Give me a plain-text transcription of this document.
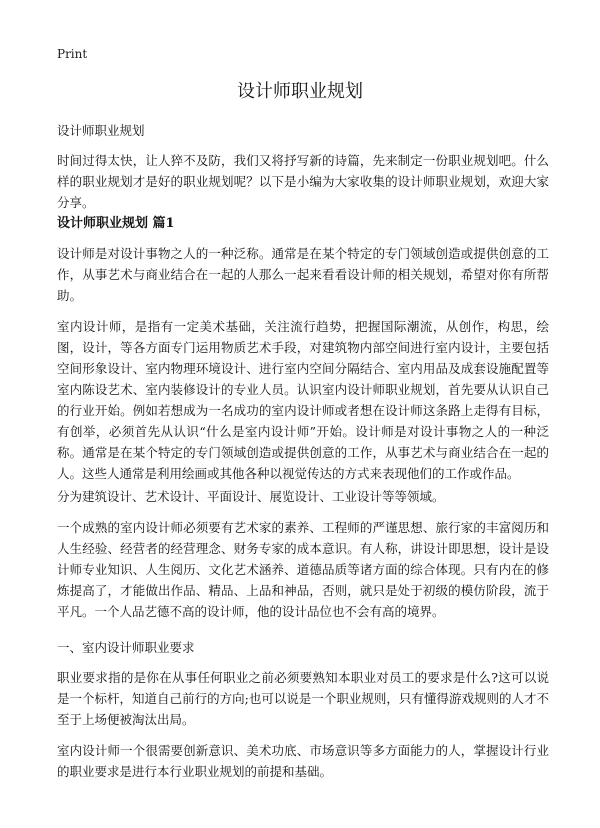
Print
设计师职业规划

设计师职业规划

时间过得太快，让人猝不及防，我们又将抒写新的诗篇，先来制定一份职业规划吧。什么样的职业规划才是好的职业规划呢？以下是小编为大家收集的设计师职业规划，欢迎大家分享。

设计师职业规划 篇1

设计师是对设计事物之人的一种泛称。通常是在某个特定的专门领域创造或提供创意的工作，从事艺术与商业结合在一起的人那么一起来看看设计师的相关规划，希望对你有所帮助。

室内设计师，是指有一定美术基础，关注流行趋势，把握国际潮流，从创作，构思，绘图，设计，等各方面专门运用物质艺术手段，对建筑物内部空间进行室内设计，主要包括空间形象设计、室内物理环境设计、进行室内空间分隔结合、室内用品及成套设施配置等室内陈设艺术、室内装修设计的专业人员。认识室内设计师职业规划，首先要从认识自己的行业开始。例如若想成为一名成功的室内设计师或者想在设计师这条路上走得有目标，有创举，必须首先从认识“什么是室内设计师”开始。设计师是对设计事物之人的一种泛称。通常是在某个特定的专门领域创造或提供创意的工作，从事艺术与商业结合在一起的人。这些人通常是利用绘画或其他各种以视觉传达的方式来表现他们的工作或作品。

分为建筑设计、艺术设计、平面设计、展览设计、工业设计等等领域。

一个成熟的室内设计师必须要有艺术家的素养、工程师的严谨思想、旅行家的丰富阅历和人生经验、经营者的经营理念、财务专家的成本意识。有人称，讲设计即思想，设计是设计师专业知识、人生阅历、文化艺术涵养、道德品质等诸方面的综合体现。只有内在的修炼提高了，才能做出作品、精品、上品和神品，否则，就只是处于初级的模仿阶段，流于平凡。一个人品艺德不高的设计师，他的设计品位也不会有高的境界。

一、室内设计师职业要求

职业要求指的是你在从事任何职业之前必须要熟知本职业对员工的要求是什么?这可以说是一个标杆，知道自己前行的方向;也可以说是一个职业规则，只有懂得游戏规则的人才不至于上场便被淘汰出局。

室内设计师一个很需要创新意识、美术功底、市场意识等多方面能力的人，掌握设计行业的职业要求是进行本行业职业规划的前提和基础。
